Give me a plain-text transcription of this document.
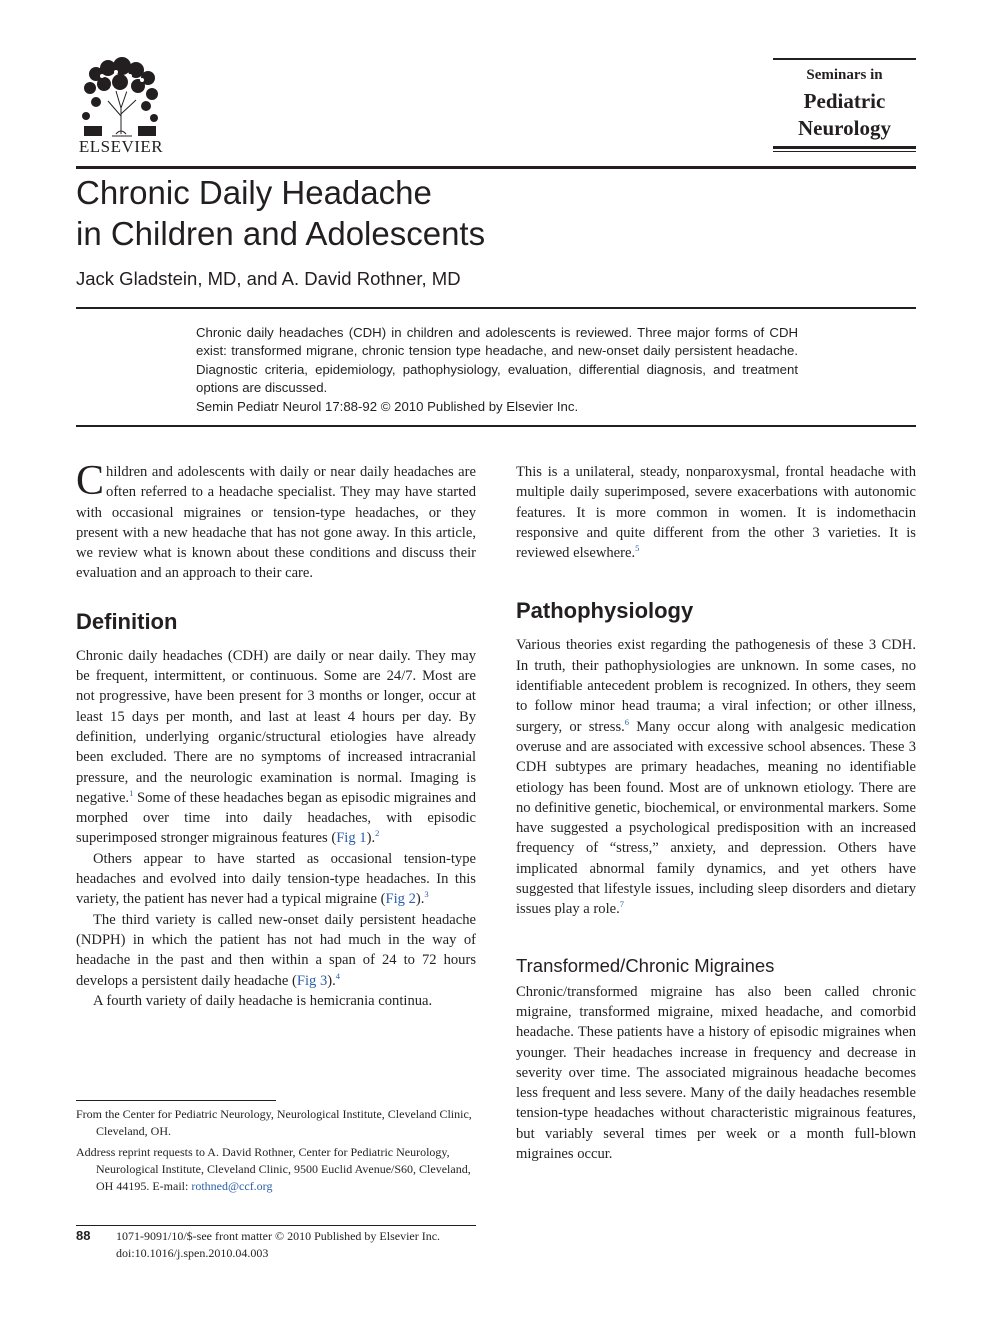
ELSEVIER
Seminars in
Pediatric
Neurology
Chronic Daily Headache
in Children and Adolescents
Jack Gladstein, MD, and A. David Rothner, MD
Chronic daily headaches (CDH) in children and adolescents is reviewed. Three major forms of CDH exist: transformed migrane, chronic tension type headache, and new-onset daily persistent headache. Diagnostic criteria, epidemiology, pathophysiology, evaluation, differential diagnosis, and treatment options are discussed.
Semin Pediatr Neurol 17:88-92 © 2010 Published by Elsevier Inc.

Children and adolescents with daily or near daily headaches are often referred to a headache specialist. They may have started with occasional migraines or tension-type headaches, or they present with a new headache that has not gone away. In this article, we review what is known about these conditions and discuss their evaluation and an approach to their care.

Definition

Chronic daily headaches (CDH) are daily or near daily. They may be frequent, intermittent, or continuous. Some are 24/7. Most are not progressive, have been present for 3 months or longer, occur at least 15 days per month, and last at least 4 hours per day. By definition, underlying organic/structural etiologies have already been excluded. There are no symptoms of increased intracranial pressure, and the neurologic examination is normal. Imaging is negative.$^1$ Some of these headaches began as episodic migraines and morphed over time into daily headaches, with episodic superimposed stronger migrainous features (Fig 1).$^2$

Others appear to have started as occasional tension-type headaches and evolved into daily tension-type headaches. In this variety, the patient has never had a typical migraine (Fig 2).$^3$

The third variety is called new-onset daily persistent headache (NDPH) in which the patient has not had much in the way of headache in the past and then within a span of 24 to 72 hours develops a persistent daily headache (Fig 3).$^4$

A fourth variety of daily headache is hemicrania continua.

This is a unilateral, steady, nonparoxysmal, frontal headache with multiple daily superimposed, severe exacerbations with autonomic features. It is more common in women. It is indomethacin responsive and quite different from the other 3 varieties. It is reviewed elsewhere.$^5$

Pathophysiology

Various theories exist regarding the pathogenesis of these 3 CDH. In truth, their pathophysiologies are unknown. In some cases, no identifiable antecedent problem is recognized. In others, they seem to follow minor head trauma; a viral infection; or other illness, surgery, or stress.$^6$ Many occur along with analgesic medication overuse and are associated with excessive school absences. These 3 CDH subtypes are primary headaches, meaning no identifiable etiology has been found. Most are of unknown etiology. There are no definitive genetic, biochemical, or environmental markers. Some have suggested a psychological predisposition with an increased frequency of “stress,” anxiety, and depression. Others have implicated abnormal family dynamics, and yet others have suggested that lifestyle issues, including sleep disorders and dietary issues play a role.$^7$

Transformed/Chronic Migraines

Chronic/transformed migraine has also been called chronic migraine, transformed migraine, mixed headache, and comorbid headache. These patients have a history of episodic migraines when younger. Their headaches increase in frequency and decrease in severity over time. The associated migrainous headache becomes less frequent and less severe. Many of the daily headaches resemble tension-type headaches without characteristic migrainous features, but variably several times per week or a month full-blown migraines occur.

From the Center for Pediatric Neurology, Neurological Institute, Cleveland Clinic, Cleveland, OH.

Address reprint requests to A. David Rothner, Center for Pediatric Neurology, Neurological Institute, Cleveland Clinic, 9500 Euclid Avenue/S60, Cleveland, OH 44195. E-mail: rothned@ccf.org

88 1071-9091/10/$-see front matter © 2010 Published by Elsevier Inc.
doi:10.1016/j.spen.2010.04.003
